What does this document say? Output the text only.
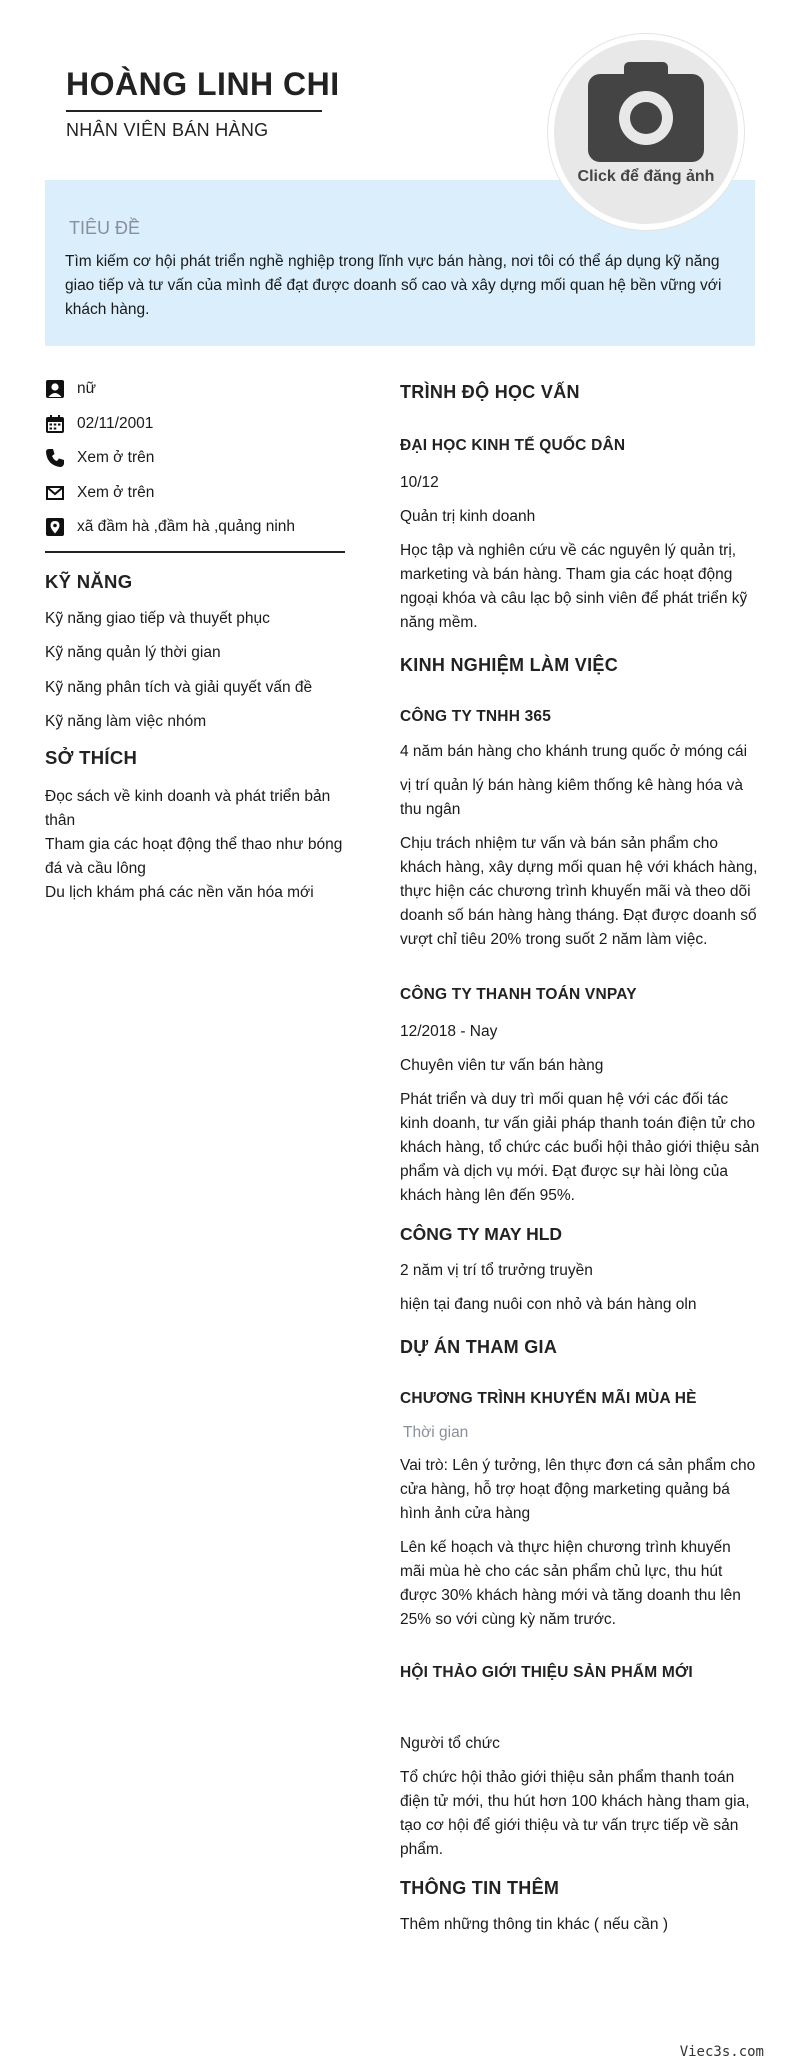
HOÀNG LINH CHI
NHÂN VIÊN BÁN HÀNG
TIÊU ĐỀ
Tìm kiếm cơ hội phát triển nghề nghiệp trong lĩnh vực bán hàng, nơi tôi có thể áp dụng kỹ năng giao tiếp và tư vấn của mình để đạt được doanh số cao và xây dựng mối quan hệ bền vững với khách hàng.
Click để đăng ảnh
nữ
02/11/2001
Xem ở trên
Xem ở trên
xã đầm hà ,đầm hà ,quảng ninh
KỸ NĂNG
Kỹ năng giao tiếp và thuyết phục
Kỹ năng quản lý thời gian
Kỹ năng phân tích và giải quyết vấn đề
Kỹ năng làm việc nhóm
SỞ THÍCH
Đọc sách về kinh doanh và phát triển bản thân
Tham gia các hoạt động thể thao như bóng đá và cầu lông
Du lịch khám phá các nền văn hóa mới
TRÌNH ĐỘ HỌC VẤN
ĐẠI HỌC KINH TẾ QUỐC DÂN
10/12
Quản trị kinh doanh
Học tập và nghiên cứu về các nguyên lý quản trị, marketing và bán hàng. Tham gia các hoạt động ngoại khóa và câu lạc bộ sinh viên để phát triển kỹ năng mềm.
KINH NGHIỆM LÀM VIỆC
CÔNG TY TNHH 365
4 năm bán hàng cho khánh trung quốc ở móng cái
vị trí quản lý bán hàng kiêm thống kê hàng hóa và thu ngân
Chịu trách nhiệm tư vấn và bán sản phẩm cho khách hàng, xây dựng mối quan hệ với khách hàng, thực hiện các chương trình khuyến mãi và theo dõi doanh số bán hàng hàng tháng. Đạt được doanh số vượt chỉ tiêu 20% trong suốt 2 năm làm việc.
CÔNG TY THANH TOÁN VNPAY
12/2018 - Nay
Chuyên viên tư vấn bán hàng
Phát triển và duy trì mối quan hệ với các đối tác kinh doanh, tư vấn giải pháp thanh toán điện tử cho khách hàng, tổ chức các buổi hội thảo giới thiệu sản phẩm và dịch vụ mới. Đạt được sự hài lòng của khách hàng lên đến 95%.
CÔNG TY MAY HLD
2 năm vị trí tổ trưởng truyền
hiện tại đang nuôi con nhỏ và bán hàng oln
DỰ ÁN THAM GIA
CHƯƠNG TRÌNH KHUYẾN MÃI MÙA HÈ
Thời gian
Vai trò: Lên ý tưởng, lên thực đơn cá sản phẩm cho cửa hàng, hỗ trợ hoạt động marketing quảng bá hình ảnh cửa hàng
Lên kế hoạch và thực hiện chương trình khuyến mãi mùa hè cho các sản phẩm chủ lực, thu hút được 30% khách hàng mới và tăng doanh thu lên 25% so với cùng kỳ năm trước.
HỘI THẢO GIỚI THIỆU SẢN PHẨM MỚI
Người tổ chức
Tổ chức hội thảo giới thiệu sản phẩm thanh toán điện tử mới, thu hút hơn 100 khách hàng tham gia, tạo cơ hội để giới thiệu và tư vấn trực tiếp về sản phẩm.
THÔNG TIN THÊM
Thêm những thông tin khác ( nếu cần )
Viec3s.com
